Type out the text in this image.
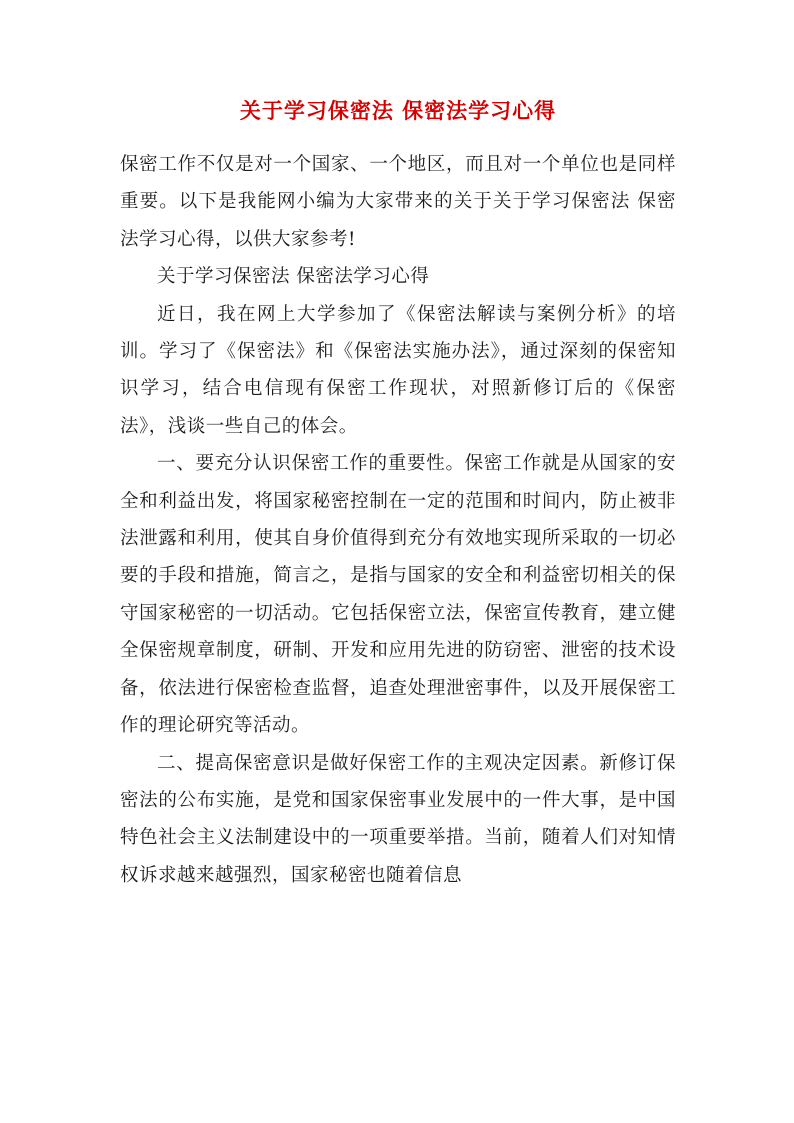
关于学习保密法 保密法学习心得

保密工作不仅是对一个国家、一个地区，而且对一个单位也是同样重要。以下是我能网小编为大家带来的关于关于学习保密法 保密法学习心得，以供大家参考!

关于学习保密法 保密法学习心得

近日，我在网上大学参加了《保密法解读与案例分析》的培训。学习了《保密法》和《保密法实施办法》，通过深刻的保密知识学习，结合电信现有保密工作现状，对照新修订后的《保密法》，浅谈一些自己的体会。

一、要充分认识保密工作的重要性。保密工作就是从国家的安全和利益出发，将国家秘密控制在一定的范围和时间内，防止被非法泄露和利用，使其自身价值得到充分有效地实现所采取的一切必要的手段和措施，简言之，是指与国家的安全和利益密切相关的保守国家秘密的一切活动。它包括保密立法，保密宣传教育，建立健全保密规章制度，研制、开发和应用先进的防窃密、泄密的技术设备，依法进行保密检查监督，追查处理泄密事件，以及开展保密工作的理论研究等活动。

二、提高保密意识是做好保密工作的主观决定因素。新修订保密法的公布实施，是党和国家保密事业发展中的一件大事，是中国特色社会主义法制建设中的一项重要举措。当前，随着人们对知情权诉求越来越强烈，国家秘密也随着信息
